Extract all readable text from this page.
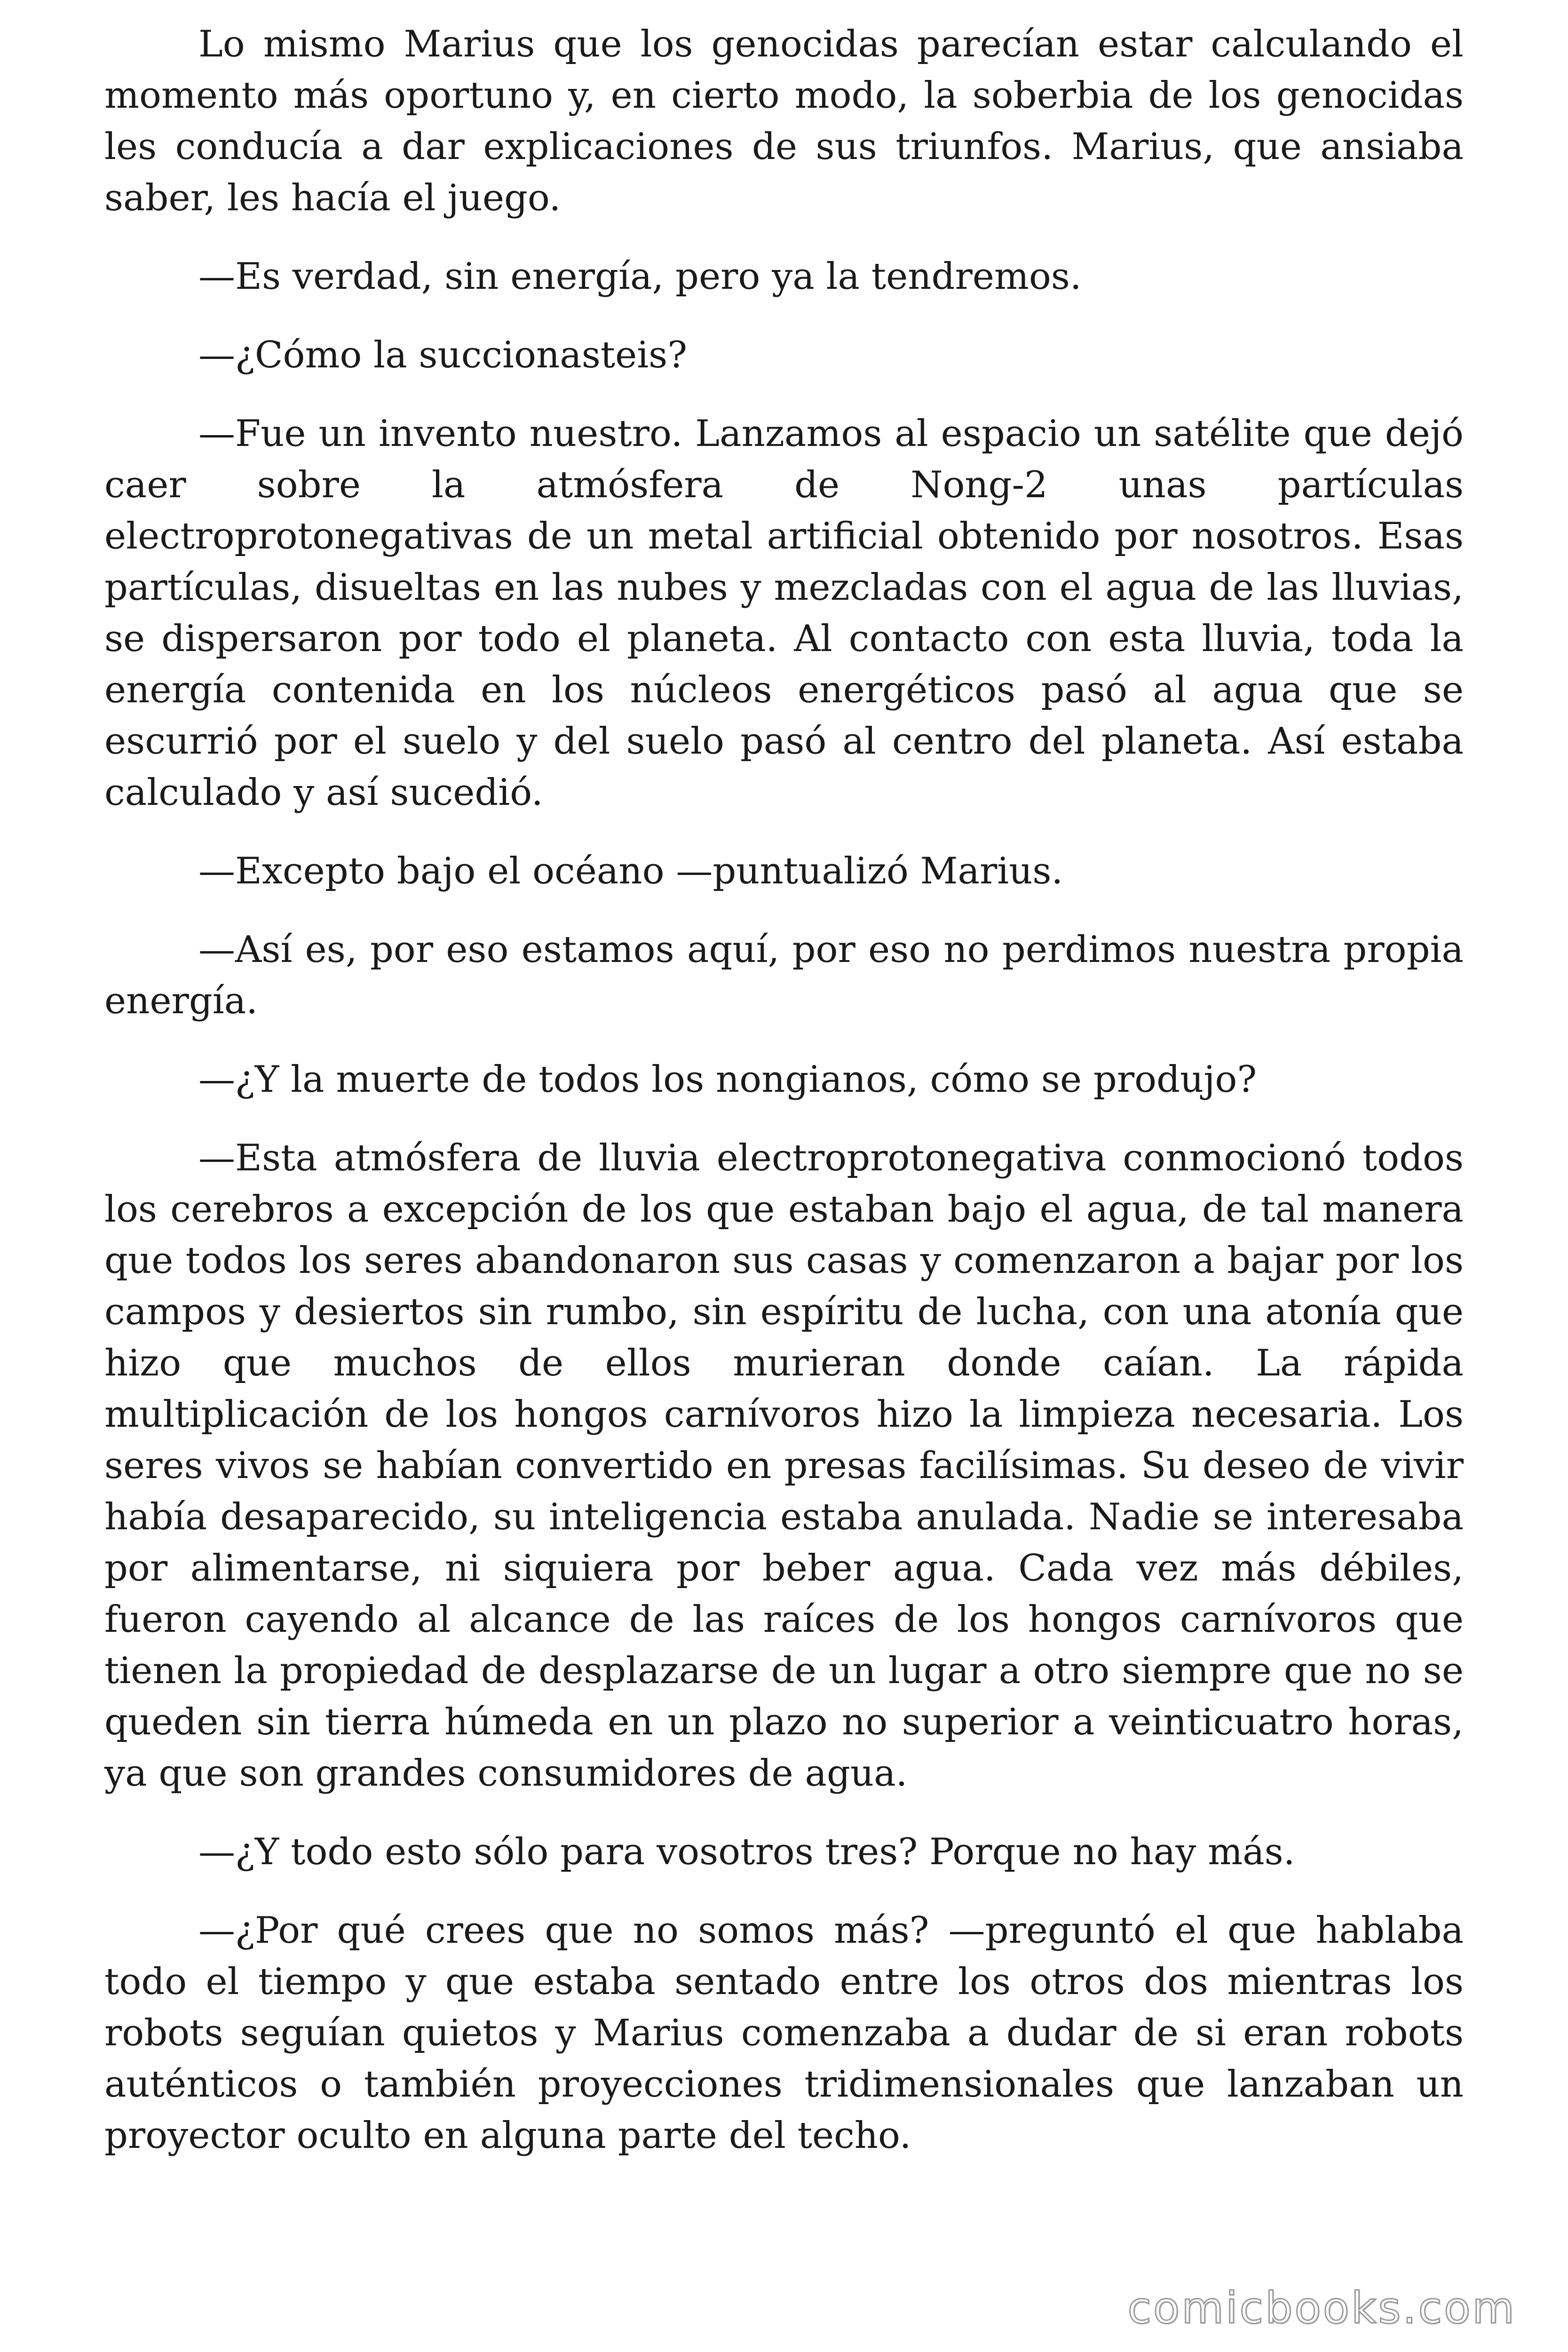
Lo mismo Marius que los genocidas parecían estar calculando el momento más oportuno y, en cierto modo, la soberbia de los genocidas les conducía a dar explicaciones de sus triunfos. Marius, que ansiaba saber, les hacía el juego.

—Es verdad, sin energía, pero ya la tendremos.

—¿Cómo la succionasteis?

—Fue un invento nuestro. Lanzamos al espacio un satélite que dejó caer sobre la atmósfera de Nong-2 unas partículas electroprotonegativas de un metal artificial obtenido por nosotros. Esas partículas, disueltas en las nubes y mezcladas con el agua de las lluvias, se dispersaron por todo el planeta. Al contacto con esta lluvia, toda la energía contenida en los núcleos energéticos pasó al agua que se escurrió por el suelo y del suelo pasó al centro del planeta. Así estaba calculado y así sucedió.

—Excepto bajo el océano —puntualizó Marius.

—Así es, por eso estamos aquí, por eso no perdimos nuestra propia energía.

—¿Y la muerte de todos los nongianos, cómo se produjo?

—Esta atmósfera de lluvia electroprotonegativa conmocionó todos los cerebros a excepción de los que estaban bajo el agua, de tal manera que todos los seres abandonaron sus casas y comenzaron a bajar por los campos y desiertos sin rumbo, sin espíritu de lucha, con una atonía que hizo que muchos de ellos murieran donde caían. La rápida multiplicación de los hongos carnívoros hizo la limpieza necesaria. Los seres vivos se habían convertido en presas facilísimas. Su deseo de vivir había desaparecido, su inteligencia estaba anulada. Nadie se interesaba por alimentarse, ni siquiera por beber agua. Cada vez más débiles, fueron cayendo al alcance de las raíces de los hongos carnívoros que tienen la propiedad de desplazarse de un lugar a otro siempre que no se queden sin tierra húmeda en un plazo no superior a veinticuatro horas, ya que son grandes consumidores de agua.

—¿Y todo esto sólo para vosotros tres? Porque no hay más.

—¿Por qué crees que no somos más? —preguntó el que hablaba todo el tiempo y que estaba sentado entre los otros dos mientras los robots seguían quietos y Marius comenzaba a dudar de si eran robots auténticos o también proyecciones tridimensionales que lanzaban un proyector oculto en alguna parte del techo.

comicbooks.com
